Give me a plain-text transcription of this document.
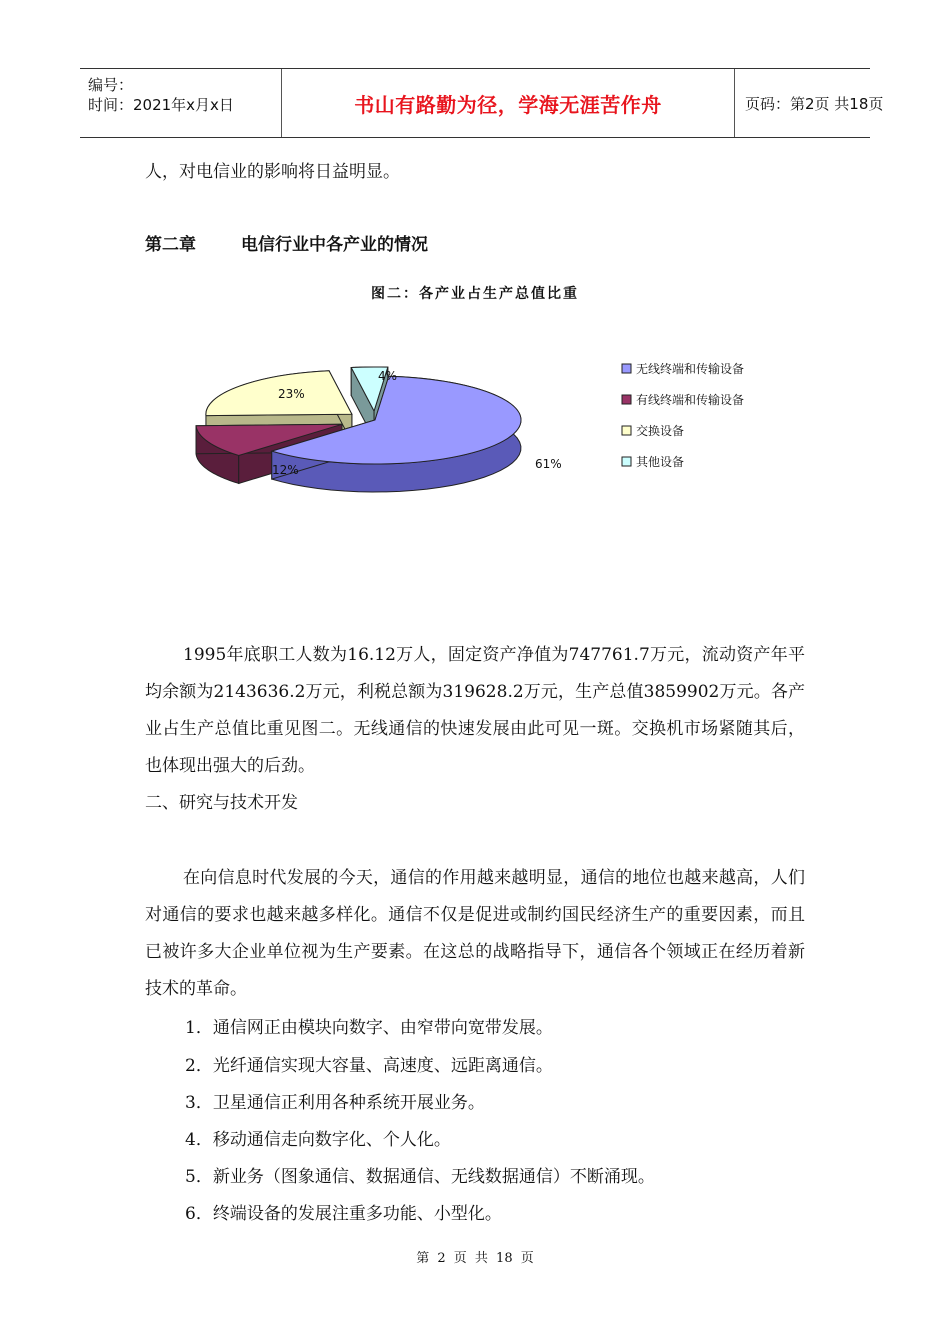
编号：
时间：2021年x月x日	书山有路勤为径，学海无涯苦作舟	页码：第2页 共18页

人，对电信业的影响将日益明显。

第二章	电信行业中各产业的情况
图二：各产业占生产总值比重
23%
4%
12%	61%
无线终端和传输设备
有线终端和传输设备
交换设备
其他设备

1995年底职工人数为16.12万人，固定资产净值为747761.7万元，流动资产年平均余额为2143636.2万元，利税总额为319628.2万元，生产总值3859902万元。各产业占生产总值比重见图二。无线通信的快速发展由此可见一斑。交换机市场紧随其后，也体现出强大的后劲。

二、研究与技术开发

在向信息时代发展的今天，通信的作用越来越明显，通信的地位也越来越高，人们对通信的要求也越来越多样化。通信不仅是促进或制约国民经济生产的重要因素，而且已被许多大企业单位视为生产要素。在这总的战略指导下，通信各个领域正在经历着新技术的革命。

1．通信网正由模块向数字、由窄带向宽带发展。
2．光纤通信实现大容量、高速度、远距离通信。
3．卫星通信正利用各种系统开展业务。
4．移动通信走向数字化、个人化。
5．新业务（图象通信、数据通信、无线数据通信）不断涌现。
6．终端设备的发展注重多功能、小型化。
第 2 页 共 18 页
